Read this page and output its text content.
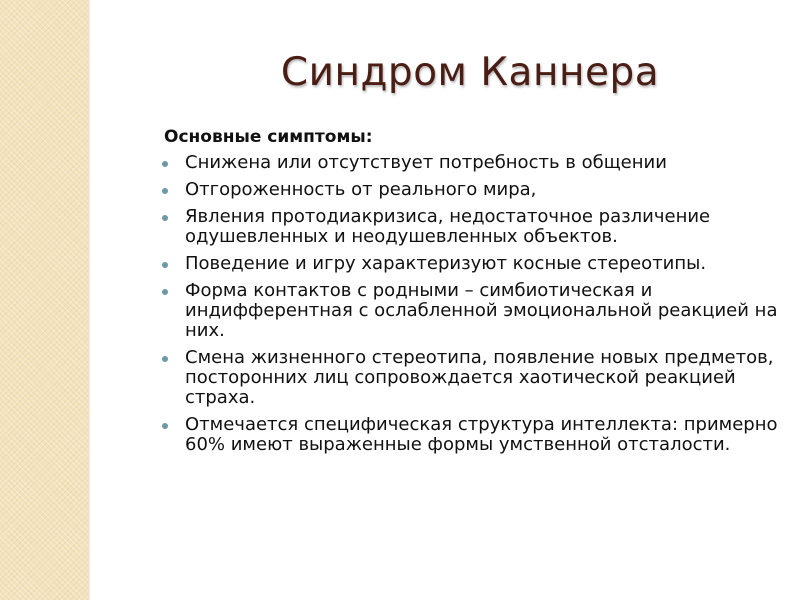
Синдром Каннера

Основные симптомы:

Снижена или отсутствует потребность в общении
Отгороженность от реального мира,
Явления протодиакризиса, недостаточное различение одушевленных и неодушевленных объектов.
Поведение и игру характеризуют косные стереотипы.
Форма контактов с родными – симбиотическая и индифферентная с ослабленной эмоциональной реакцией на них.
Смена жизненного стереотипа, появление новых предметов, посторонних лиц сопровождается хаотической реакцией страха.
Отмечается специфическая структура интеллекта: примерно 60% имеют выраженные формы умственной отсталости.
